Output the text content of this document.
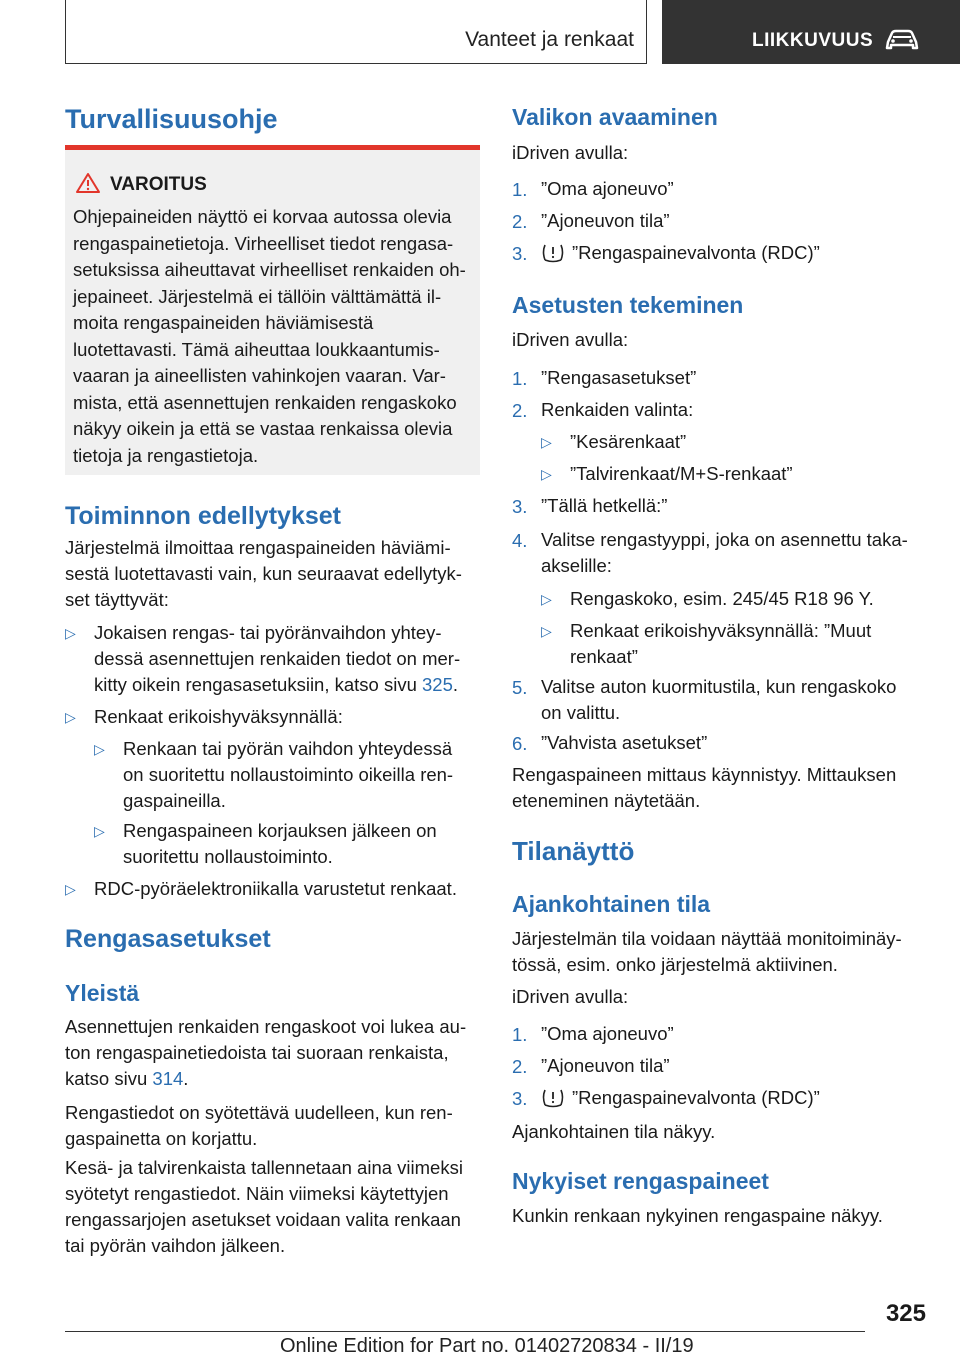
Vanteet ja renkaat	LIIKKUVUUS
Turvallisuusohje
VAROITUS
Ohjepaineiden näyttö ei korvaa autossa olevia
rengaspainetietoja. Virheelliset tiedot rengasa-
setuksissa aiheuttavat virheelliset renkaiden oh-
jepaineet. Järjestelmä ei tällöin välttämättä il-
moita rengaspaineiden häviämisestä
luotettavasti. Tämä aiheuttaa loukkaantumis-
vaaran ja aineellisten vahinkojen vaaran. Var-
mista, että asennettujen renkaiden rengaskoko
näkyy oikein ja että se vastaa renkaissa olevia
tietoja ja rengastietoja.
Toiminnon edellytykset
Järjestelmä ilmoittaa rengaspaineiden häviämi-
sestä luotettavasti vain, kun seuraavat edellytyk-
set täyttyvät:
▷ Jokaisen rengas- tai pyöränvaihdon yhtey-
dessä asennettujen renkaiden tiedot on mer-
kitty oikein rengasasetuksiin, katso sivu 325.
▷ Renkaat erikoishyväksynnällä:
▷ Renkaan tai pyörän vaihdon yhteydessä
on suoritettu nollaustoiminto oikeilla ren-
gaspaineilla.
▷ Rengaspaineen korjauksen jälkeen on
suoritettu nollaustoiminto.
▷ RDC-pyöräelektroniikalla varustetut renkaat.
Rengasasetukset
Yleistä
Asennettujen renkaiden rengaskoot voi lukea au-
ton rengaspainetiedoista tai suoraan renkaista,
katso sivu 314.
Rengastiedot on syötettävä uudelleen, kun ren-
gaspainetta on korjattu.
Kesä- ja talvirenkaista tallennetaan aina viimeksi
syötetyt rengastiedot. Näin viimeksi käytettyjen
rengassarjojen asetukset voidaan valita renkaan
tai pyörän vaihdon jälkeen.
Valikon avaaminen
iDriven avulla:
1. ”Oma ajoneuvo”
2. ”Ajoneuvon tila”
3. ”Rengaspainevalvonta (RDC)”
Asetusten tekeminen
iDriven avulla:
1. ”Rengasasetukset”
2. Renkaiden valinta:
▷ ”Kesärenkaat”
▷ ”Talvirenkaat/M+S-renkaat”
3. ”Tällä hetkellä:”
4. Valitse rengastyyppi, joka on asennettu taka-
akselille:
▷ Rengaskoko, esim. 245/45 R18 96 Y.
▷ Renkaat erikoishyväksynnällä: ”Muut
renkaat”
5. Valitse auton kuormitustila, kun rengaskoko
on valittu.
6. ”Vahvista asetukset”
Rengaspaineen mittaus käynnistyy. Mittauksen
eteneminen näytetään.
Tilanäyttö
Ajankohtainen tila
Järjestelmän tila voidaan näyttää monitoiminäy-
tössä, esim. onko järjestelmä aktiivinen.
iDriven avulla:
1. ”Oma ajoneuvo”
2. ”Ajoneuvon tila”
3. ”Rengaspainevalvonta (RDC)”
Ajankohtainen tila näkyy.
Nykyiset rengaspaineet
Kunkin renkaan nykyinen rengaspaine näkyy.
325
Online Edition for Part no. 01402720834 - II/19
